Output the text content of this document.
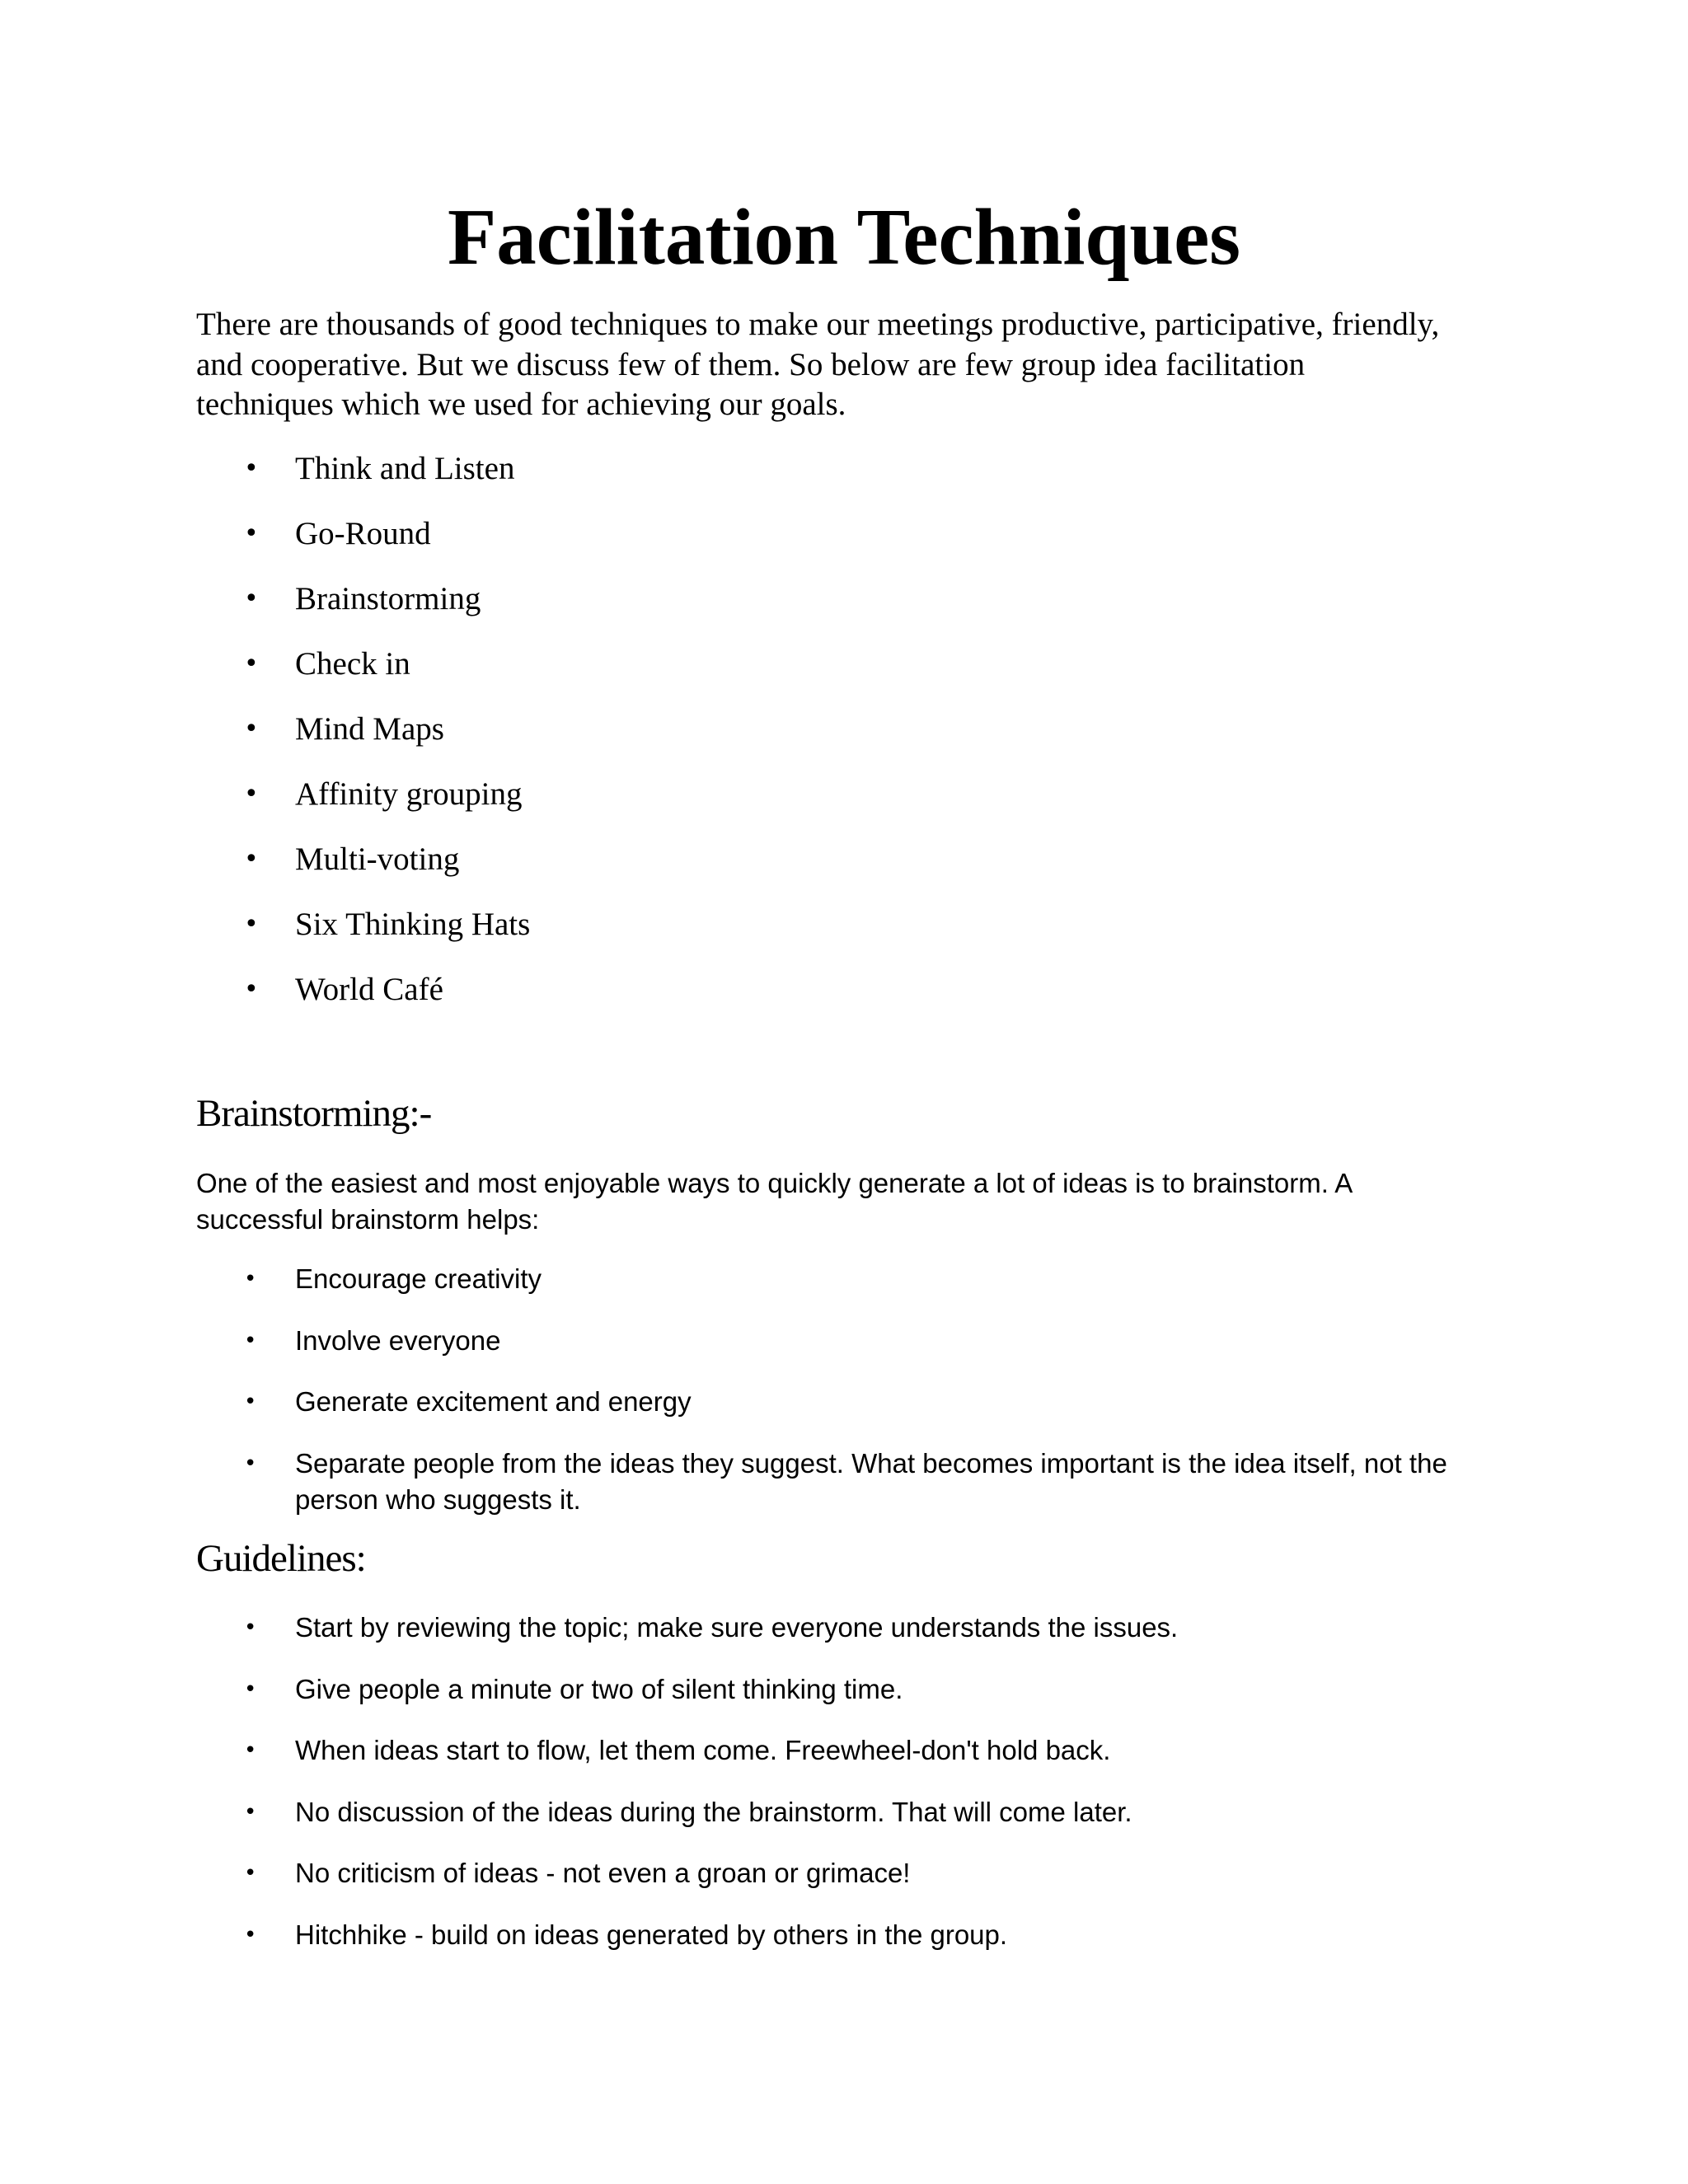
Facilitation Techniques

There are thousands of good techniques to make our meetings productive, participative, friendly,
and cooperative. But we discuss few of them. So below are few group idea facilitation
techniques which we used for achieving our goals.

• Think and Listen
• Go-Round
• Brainstorming
• Check in
• Mind Maps
• Affinity grouping
• Multi-voting
• Six Thinking Hats
• World Café
Brainstorming:-

One of the easiest and most enjoyable ways to quickly generate a lot of ideas is to brainstorm. A
successful brainstorm helps:

• Encourage creativity
• Involve everyone
• Generate excitement and energy
• Separate people from the ideas they suggest. What becomes important is the idea itself, not the
person who suggests it.
Guidelines:
• Start by reviewing the topic; make sure everyone understands the issues.
• Give people a minute or two of silent thinking time.
• When ideas start to flow, let them come. Freewheel-don't hold back.
• No discussion of the ideas during the brainstorm. That will come later.
• No criticism of ideas - not even a groan or grimace!
• Hitchhike - build on ideas generated by others in the group.
